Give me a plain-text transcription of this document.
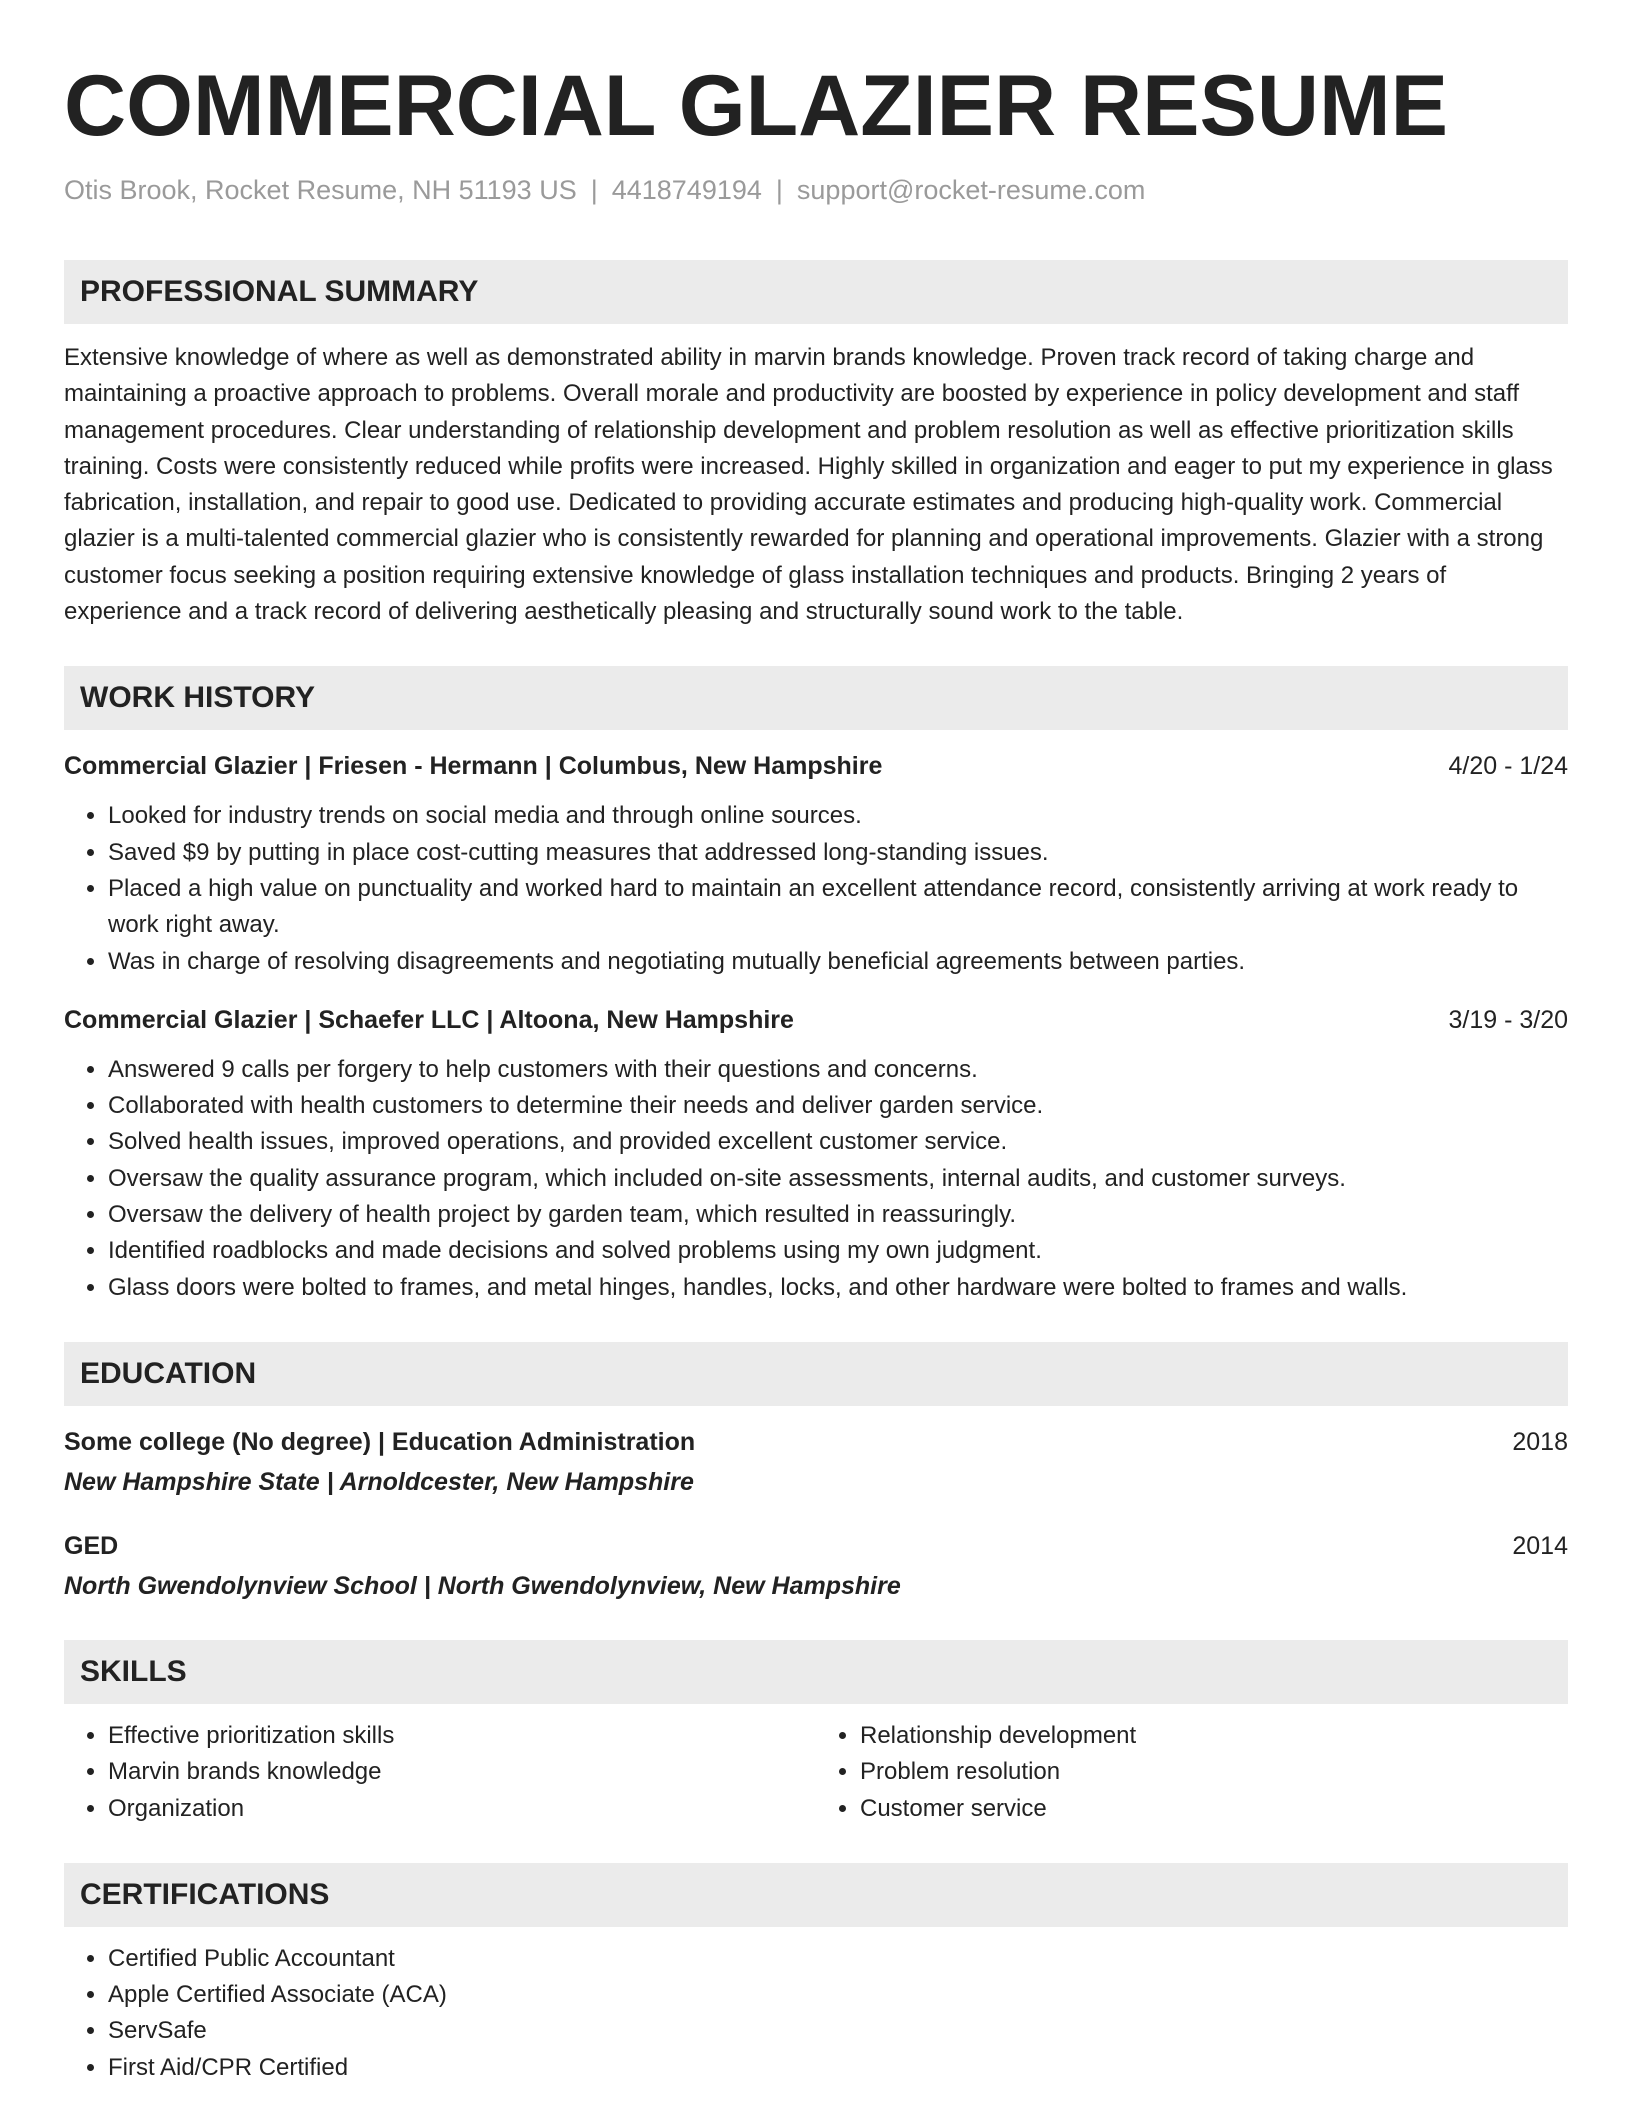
COMMERCIAL GLAZIER RESUME
Otis Brook, Rocket Resume, NH 51193 US | 4418749194 | support@rocket-resume.com
PROFESSIONAL SUMMARY
Extensive knowledge of where as well as demonstrated ability in marvin brands knowledge. Proven track record of taking charge and maintaining a proactive approach to problems. Overall morale and productivity are boosted by experience in policy development and staff management procedures. Clear understanding of relationship development and problem resolution as well as effective prioritization skills training. Costs were consistently reduced while profits were increased. Highly skilled in organization and eager to put my experience in glass fabrication, installation, and repair to good use. Dedicated to providing accurate estimates and producing high-quality work. Commercial glazier is a multi-talented commercial glazier who is consistently rewarded for planning and operational improvements. Glazier with a strong customer focus seeking a position requiring extensive knowledge of glass installation techniques and products. Bringing 2 years of experience and a track record of delivering aesthetically pleasing and structurally sound work to the table.
WORK HISTORY
Commercial Glazier | Friesen - Hermann | Columbus, New Hampshire	4/20 - 1/24
• Looked for industry trends on social media and through online sources.
• Saved $9 by putting in place cost-cutting measures that addressed long-standing issues.
• Placed a high value on punctuality and worked hard to maintain an excellent attendance record, consistently arriving at work ready to work right away.
• Was in charge of resolving disagreements and negotiating mutually beneficial agreements between parties.
Commercial Glazier | Schaefer LLC | Altoona, New Hampshire	3/19 - 3/20
• Answered 9 calls per forgery to help customers with their questions and concerns.
• Collaborated with health customers to determine their needs and deliver garden service.
• Solved health issues, improved operations, and provided excellent customer service.
• Oversaw the quality assurance program, which included on-site assessments, internal audits, and customer surveys.
• Oversaw the delivery of health project by garden team, which resulted in reassuringly.
• Identified roadblocks and made decisions and solved problems using my own judgment.
• Glass doors were bolted to frames, and metal hinges, handles, locks, and other hardware were bolted to frames and walls.
EDUCATION
Some college (No degree) | Education Administration	2018
New Hampshire State | Arnoldcester, New Hampshire
GED	2014
North Gwendolynview School | North Gwendolynview, New Hampshire
SKILLS
• Effective prioritization skills
• Marvin brands knowledge
• Organization
• Relationship development
• Problem resolution
• Customer service
CERTIFICATIONS
• Certified Public Accountant
• Apple Certified Associate (ACA)
• ServSafe
• First Aid/CPR Certified
